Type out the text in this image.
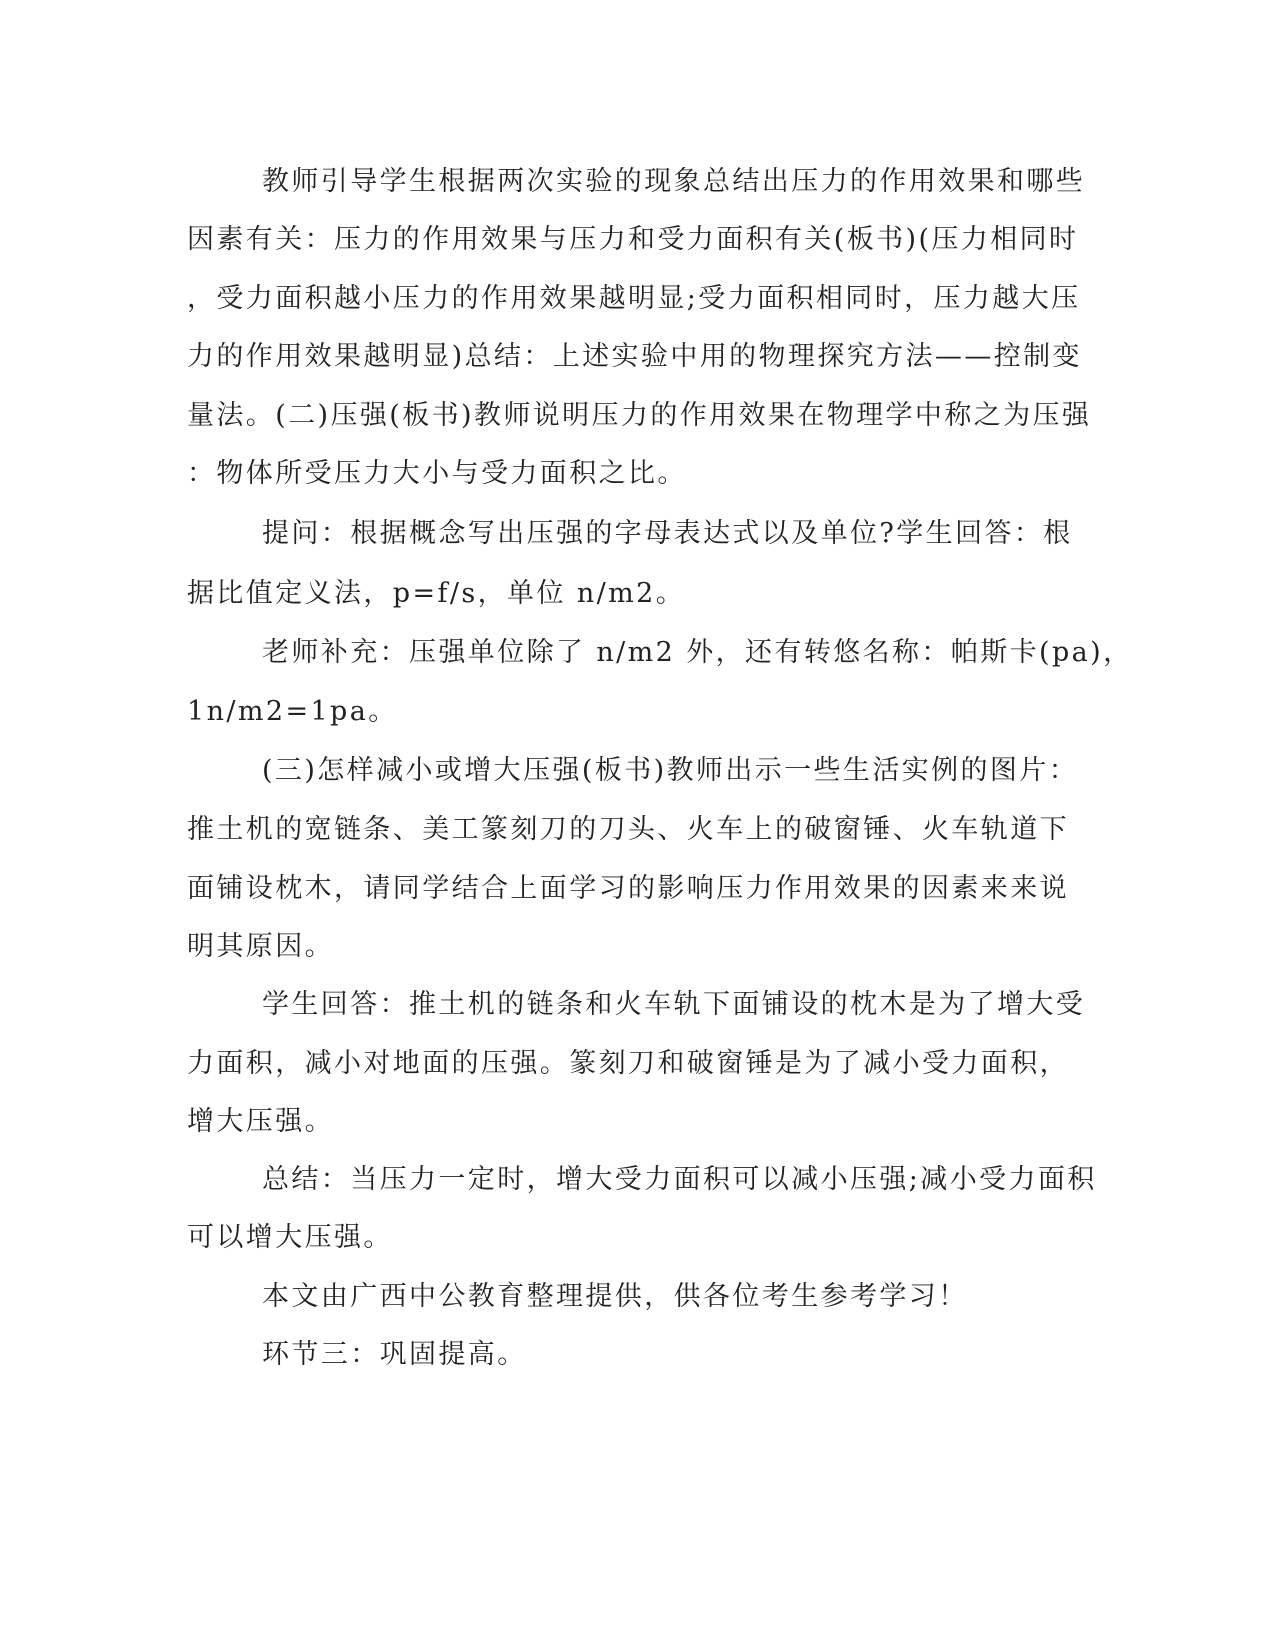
教师引导学生根据两次实验的现象总结出压力的作用效果和哪些
因素有关：压力的作用效果与压力和受力面积有关(板书)(压力相同时
，受力面积越小压力的作用效果越明显;受力面积相同时，压力越大压
力的作用效果越明显)总结：上述实验中用的物理探究方法——控制变
量法。(二)压强(板书)教师说明压力的作用效果在物理学中称之为压强
：物体所受压力大小与受力面积之比。
提问：根据概念写出压强的字母表达式以及单位?学生回答：根
据比值定义法，p=f/s，单位 n/m2。
老师补充：压强单位除了 n/m2 外，还有转悠名称：帕斯卡(pa)，
1n/m2=1pa。
(三)怎样减小或增大压强(板书)教师出示一些生活实例的图片：
推土机的宽链条、美工篆刻刀的刀头、火车上的破窗锤、火车轨道下
面铺设枕木，请同学结合上面学习的影响压力作用效果的因素来来说
明其原因。
学生回答：推土机的链条和火车轨下面铺设的枕木是为了增大受
力面积，减小对地面的压强。篆刻刀和破窗锤是为了减小受力面积，
增大压强。
总结：当压力一定时，增大受力面积可以减小压强;减小受力面积
可以增大压强。
本文由广西中公教育整理提供，供各位考生参考学习！
环节三：巩固提高。
